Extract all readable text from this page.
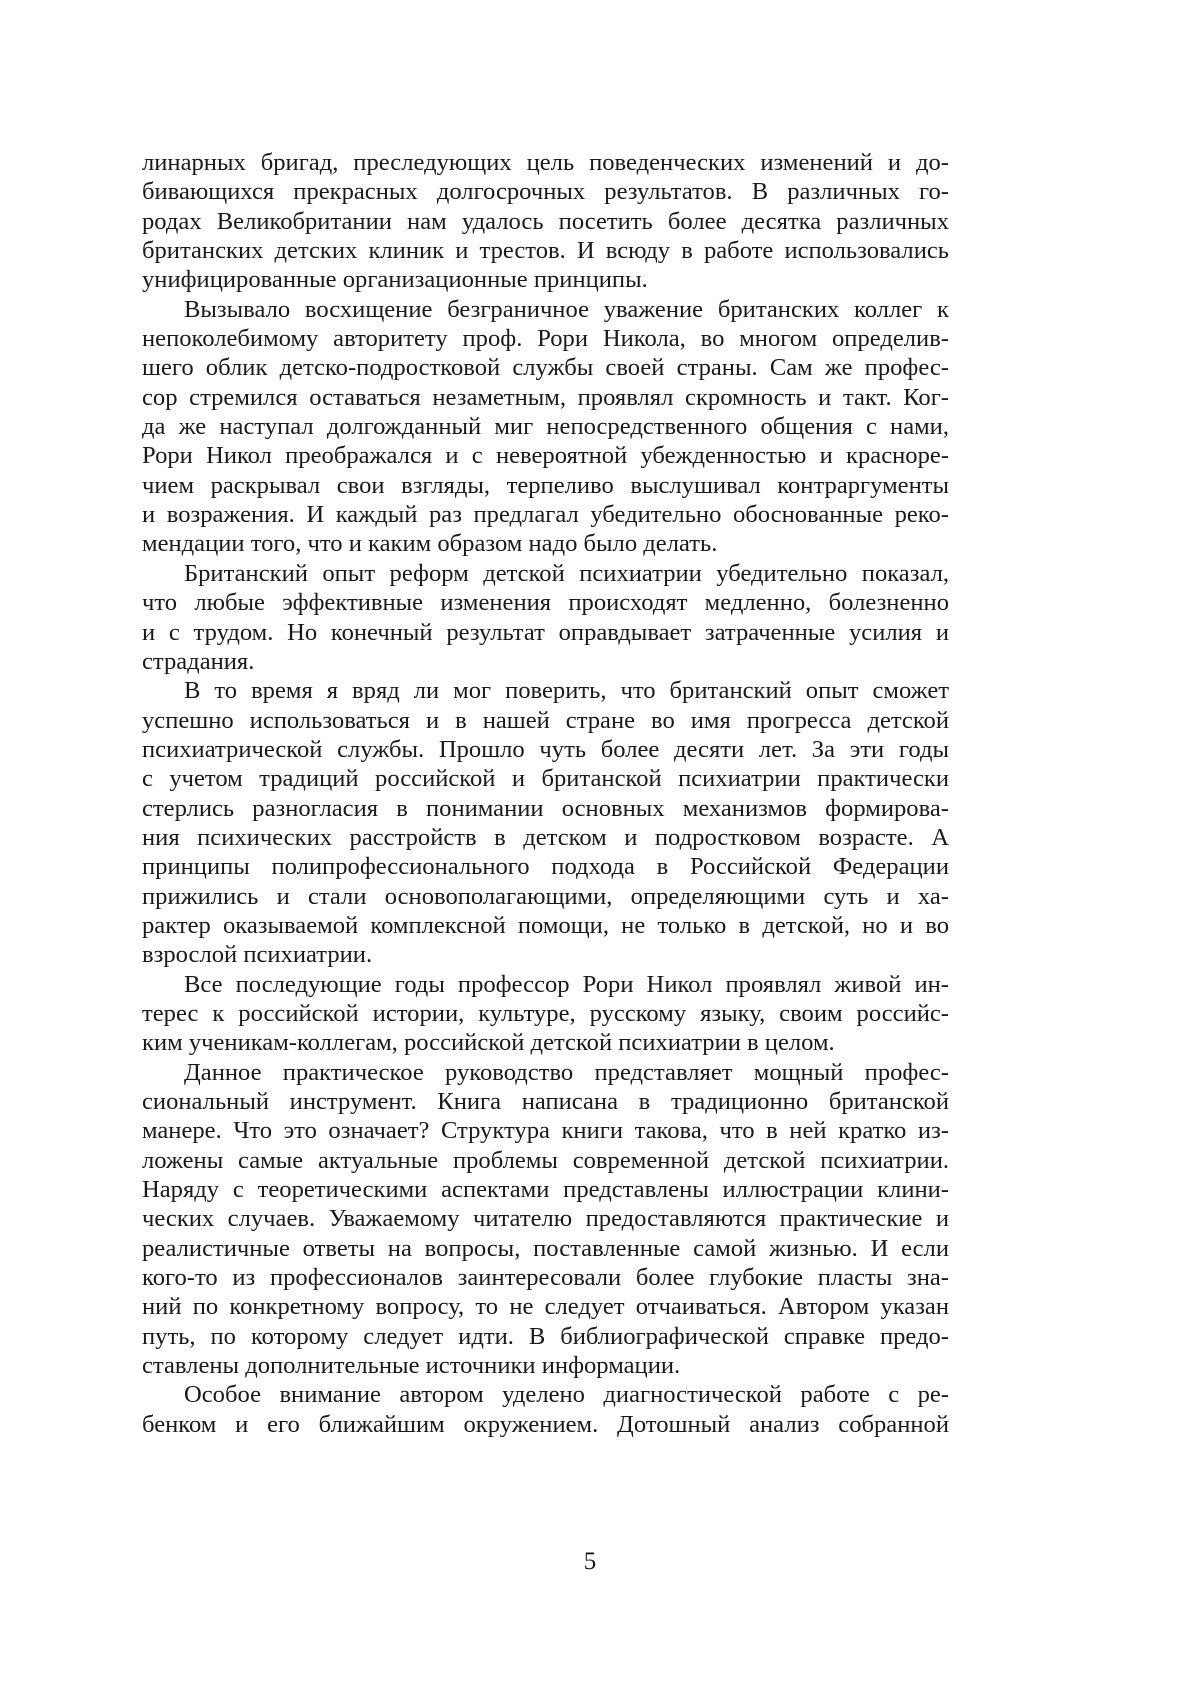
линарных бригад, преследующих цель поведенческих изменений и до-
бивающихся прекрасных долгосрочных результатов. В различных го-
родах Великобритании нам удалось посетить более десятка различных
британских детских клиник и трестов. И всюду в работе использовались
унифицированные организационные принципы.
Вызывало восхищение безграничное уважение британских коллег к
непоколебимому авторитету проф. Рори Никола, во многом определив-
шего облик детско-подростковой службы своей страны. Сам же профес-
сор стремился оставаться незаметным, проявлял скромность и такт. Ког-
да же наступал долгожданный миг непосредственного общения с нами,
Рори Никол преображался и с невероятной убежденностью и красноре-
чием раскрывал свои взгляды, терпеливо выслушивал контраргументы
и возражения. И каждый раз предлагал убедительно обоснованные реко-
мендации того, что и каким образом надо было делать.
Британский опыт реформ детской психиатрии убедительно показал,
что любые эффективные изменения происходят медленно, болезненно
и с трудом. Но конечный результат оправдывает затраченные усилия и
страдания.
В то время я вряд ли мог поверить, что британский опыт сможет
успешно использоваться и в нашей стране во имя прогресса детской
психиатрической службы. Прошло чуть более десяти лет. За эти годы
с учетом традиций российской и британской психиатрии практически
стерлись разногласия в понимании основных механизмов формирова-
ния психических расстройств в детском и подростковом возрасте. А
принципы полипрофессионального подхода в Российской Федерации
прижились и стали основополагающими, определяющими суть и ха-
рактер оказываемой комплексной помощи, не только в детской, но и во
взрослой психиатрии.
Все последующие годы профессор Рори Никол проявлял живой ин-
терес к российской истории, культуре, русскому языку, своим российс-
ким ученикам-коллегам, российской детской психиатрии в целом.
Данное практическое руководство представляет мощный профес-
сиональный инструмент. Книга написана в традиционно британской
манере. Что это означает? Структура книги такова, что в ней кратко из-
ложены самые актуальные проблемы современной детской психиатрии.
Наряду с теоретическими аспектами представлены иллюстрации клини-
ческих случаев. Уважаемому читателю предоставляются практические и
реалистичные ответы на вопросы, поставленные самой жизнью. И если
кого-то из профессионалов заинтересовали более глубокие пласты зна-
ний по конкретному вопросу, то не следует отчаиваться. Автором указан
путь, по которому следует идти. В библиографической справке предо-
ставлены дополнительные источники информации.
Особое внимание автором уделено диагностической работе с ре-
бенком и его ближайшим окружением. Дотошный анализ собранной
5
